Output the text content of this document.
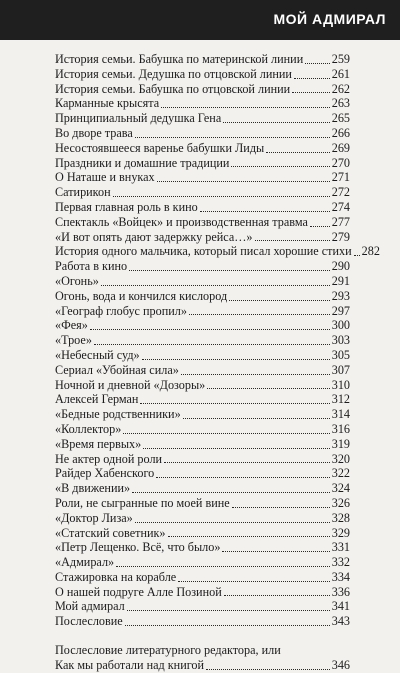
МОЙ АДМИРАЛ
История семьи. Бабушка по материнской линии 259
История семьи. Дедушка по отцовской линии	261
История семьи. Бабушка по отцовской линии	262
Карманные крысята	263
Принципиальный дедушка Гена	265
Во дворе трава	266
Несостоявшееся варенье бабушки Лиды	269
Праздники и домашние традиции	270
О Наташе и внуках	271
Сатирикон	272
Первая главная роль в кино	274
Спектакль «Войцек» и производственная травма 277
«И вот опять дают задержку рейса…»	279
История одного мальчика, который писал хорошие стихи 282
Работа в кино	290
«Огонь»	291
Огонь, вода и кончился кислород	293
«Географ глобус пропил»	297
«Фея»	300
«Трое»	303
«Небесный суд»	305
Сериал «Убойная сила»	307
Ночной и дневной «Дозоры»	310
Алексей Герман	312
«Бедные родственники»	314
«Коллектор»	316
«Время первых»	319
Не актер одной роли	320
Райдер Хабенского	322
«В движении»	324
Роли, не сыгранные по моей вине	326
«Доктор Лиза»	328
«Статский советник»	329
«Петр Лещенко. Всё, что было»	331
«Адмирал»	332
Стажировка на корабле	334
О нашей подруге Алле Позиной	336
Мой адмирал	341
Послесловие	343
Послесловие литературного редактора, или
Как мы работали над книгой	346
